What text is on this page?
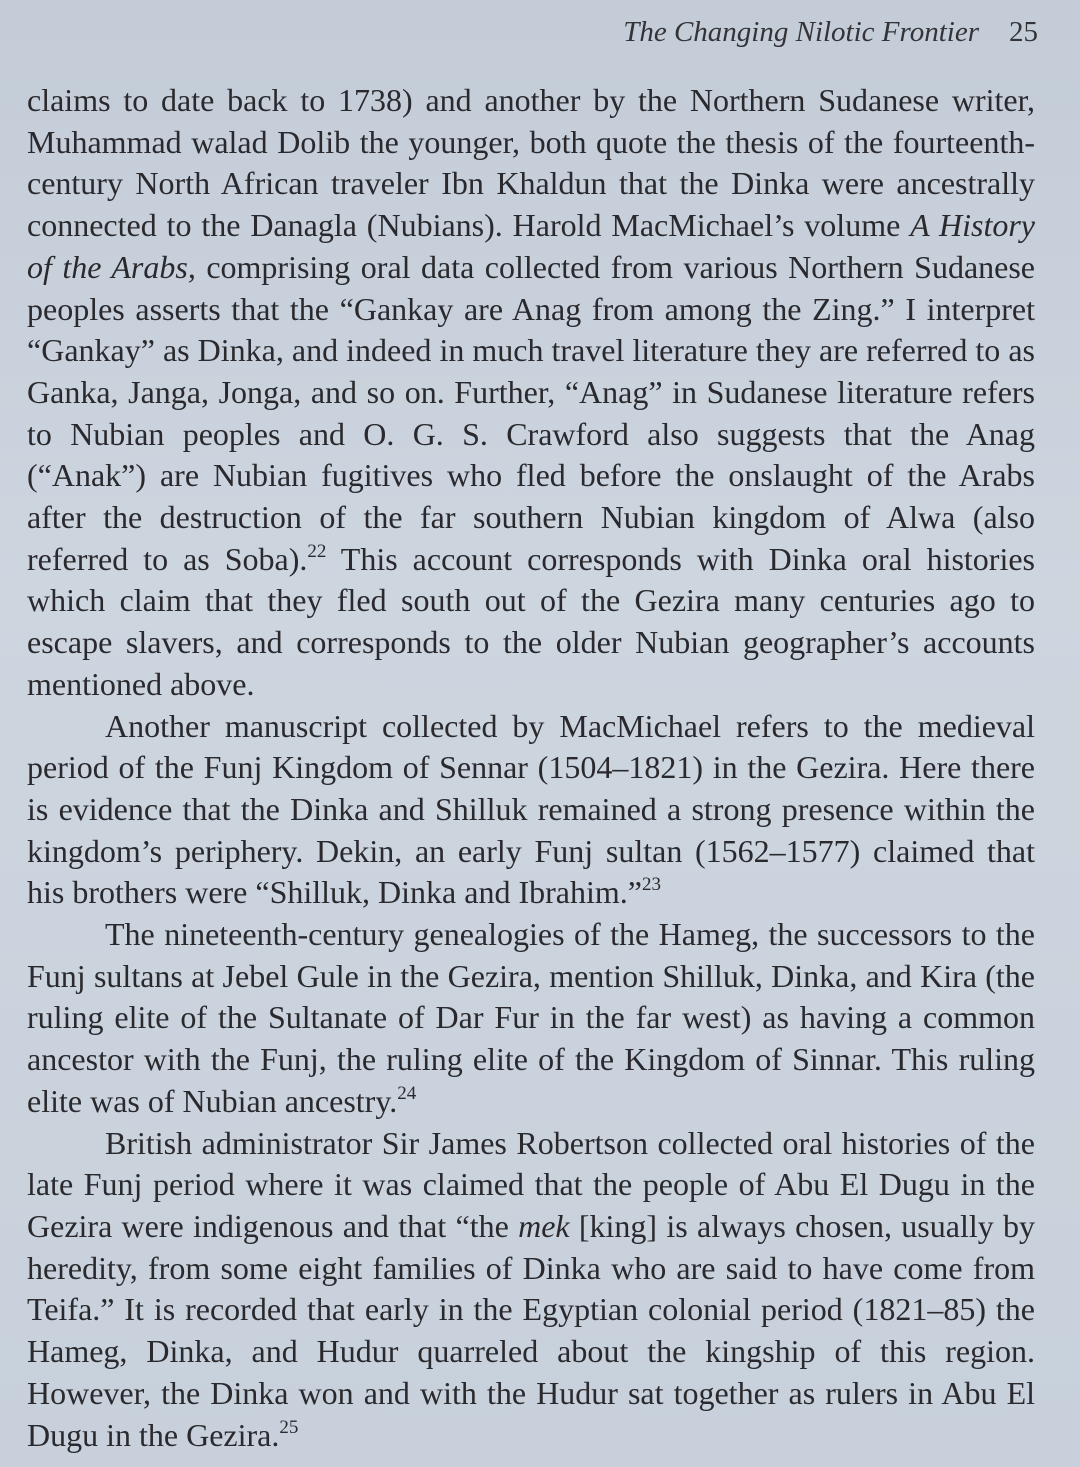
The Changing Nilotic Frontier 25

claims to date back to 1738) and another by the Northern Sudanese writer, Muhammad walad Dolib the younger, both quote the thesis of the fourteenth-century North African traveler Ibn Khaldun that the Dinka were ancestrally connected to the Danagla (Nubians). Harold MacMichael’s volume A History of the Arabs, comprising oral data collected from various Northern Sudanese peoples asserts that the “Gankay are Anag from among the Zing.” I interpret “Gankay” as Dinka, and indeed in much travel literature they are referred to as Ganka, Janga, Jonga, and so on. Further, “Anag” in Sudanese literature refers to Nubian peoples and O. G. S. Crawford also suggests that the Anag (“Anak”) are Nubian fugitives who fled before the onslaught of the Arabs after the destruction of the far southern Nubian kingdom of Alwa (also referred to as Soba).$^{22}$ This account corresponds with Dinka oral histories which claim that they fled south out of the Gezira many centuries ago to escape slavers, and corresponds to the older Nubian geographer’s accounts mentioned above.

Another manuscript collected by MacMichael refers to the medieval period of the Funj Kingdom of Sennar (1504–1821) in the Gezira. Here there is evidence that the Dinka and Shilluk remained a strong presence within the kingdom’s periphery. Dekin, an early Funj sultan (1562–1577) claimed that his brothers were “Shilluk, Dinka and Ibrahim.”$^{23}$

The nineteenth-century genealogies of the Hameg, the successors to the Funj sultans at Jebel Gule in the Gezira, mention Shilluk, Dinka, and Kira (the ruling elite of the Sultanate of Dar Fur in the far west) as having a common ancestor with the Funj, the ruling elite of the Kingdom of Sinnar. This ruling elite was of Nubian ancestry.$^{24}$

British administrator Sir James Robertson collected oral histories of the late Funj period where it was claimed that the people of Abu El Dugu in the Gezira were indigenous and that “the mek [king] is always chosen, usually by heredity, from some eight families of Dinka who are said to have come from Teifa.” It is recorded that early in the Egyptian colonial period (1821–85) the Hameg, Dinka, and Hudur quarreled about the kingship of this region. However, the Dinka won and with the Hudur sat together as rulers in Abu El Dugu in the Gezira.$^{25}$
